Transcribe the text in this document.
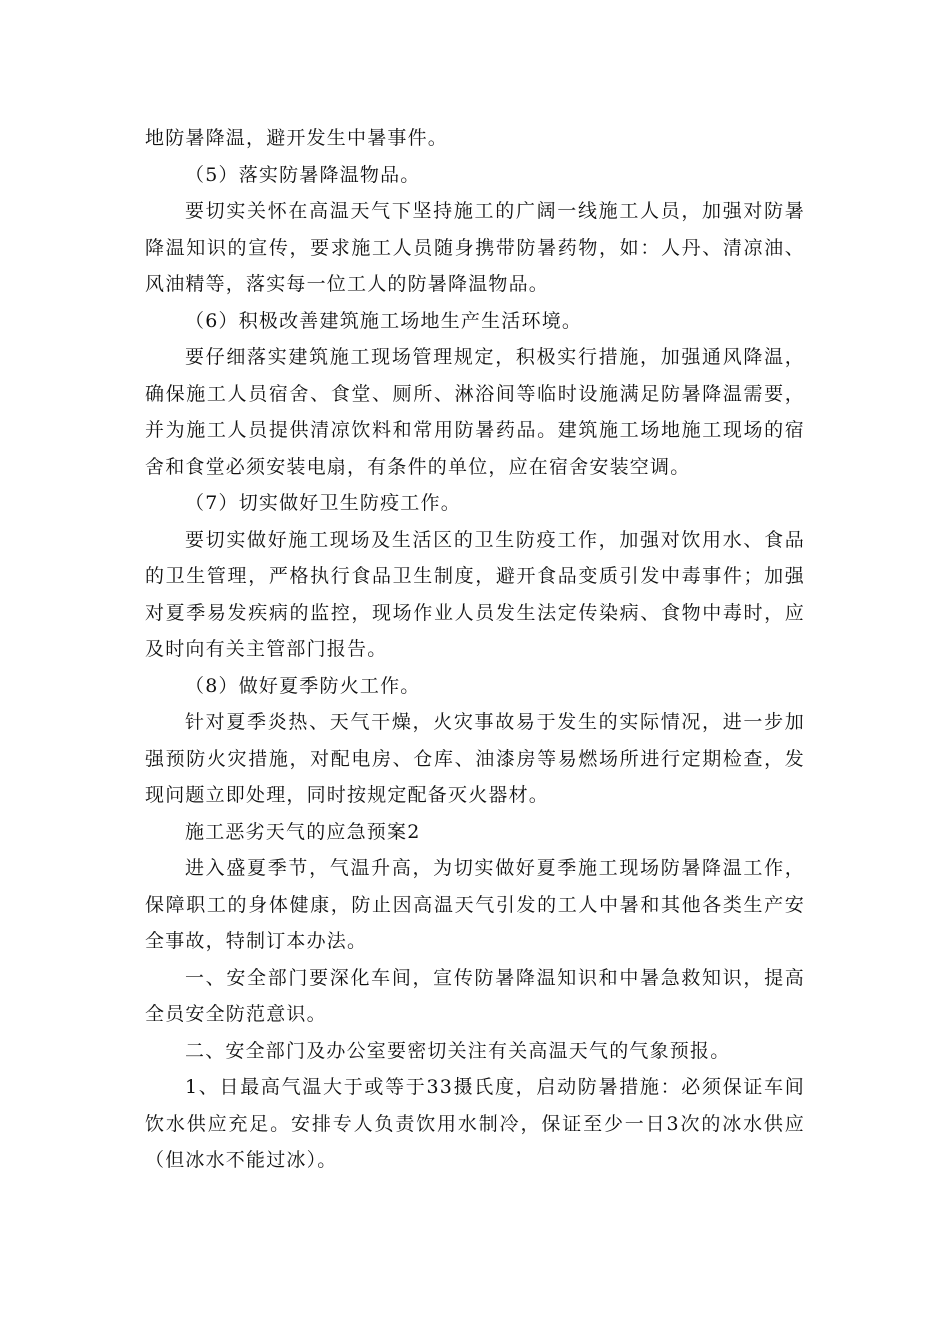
地防暑降温，避开发生中暑事件。

（5）落实防暑降温物品。

要切实关怀在高温天气下坚持施工的广阔一线施工人员，加强对防暑降温知识的宣传，要求施工人员随身携带防暑药物，如：人丹、清凉油、风油精等，落实每一位工人的防暑降温物品。

（6）积极改善建筑施工场地生产生活环境。

要仔细落实建筑施工现场管理规定，积极实行措施，加强通风降温，确保施工人员宿舍、食堂、厕所、淋浴间等临时设施满足防暑降温需要，并为施工人员提供清凉饮料和常用防暑药品。建筑施工场地施工现场的宿舍和食堂必须安装电扇，有条件的单位，应在宿舍安装空调。

（7）切实做好卫生防疫工作。

要切实做好施工现场及生活区的卫生防疫工作，加强对饮用水、食品的卫生管理，严格执行食品卫生制度，避开食品变质引发中毒事件；加强对夏季易发疾病的监控，现场作业人员发生法定传染病、食物中毒时，应及时向有关主管部门报告。

（8）做好夏季防火工作。

针对夏季炎热、天气干燥，火灾事故易于发生的实际情况，进一步加强预防火灾措施，对配电房、仓库、油漆房等易燃场所进行定期检查，发现问题立即处理，同时按规定配备灭火器材。

施工恶劣天气的应急预案2

进入盛夏季节，气温升高，为切实做好夏季施工现场防暑降温工作，保障职工的身体健康，防止因高温天气引发的工人中暑和其他各类生产安全事故，特制订本办法。

一、安全部门要深化车间，宣传防暑降温知识和中暑急救知识，提高全员安全防范意识。

二、安全部门及办公室要密切关注有关高温天气的气象预报。

1、日最高气温大于或等于33摄氏度，启动防暑措施：必须保证车间饮水供应充足。安排专人负责饮用水制冷，保证至少一日3次的冰水供应（但冰水不能过冰）。
